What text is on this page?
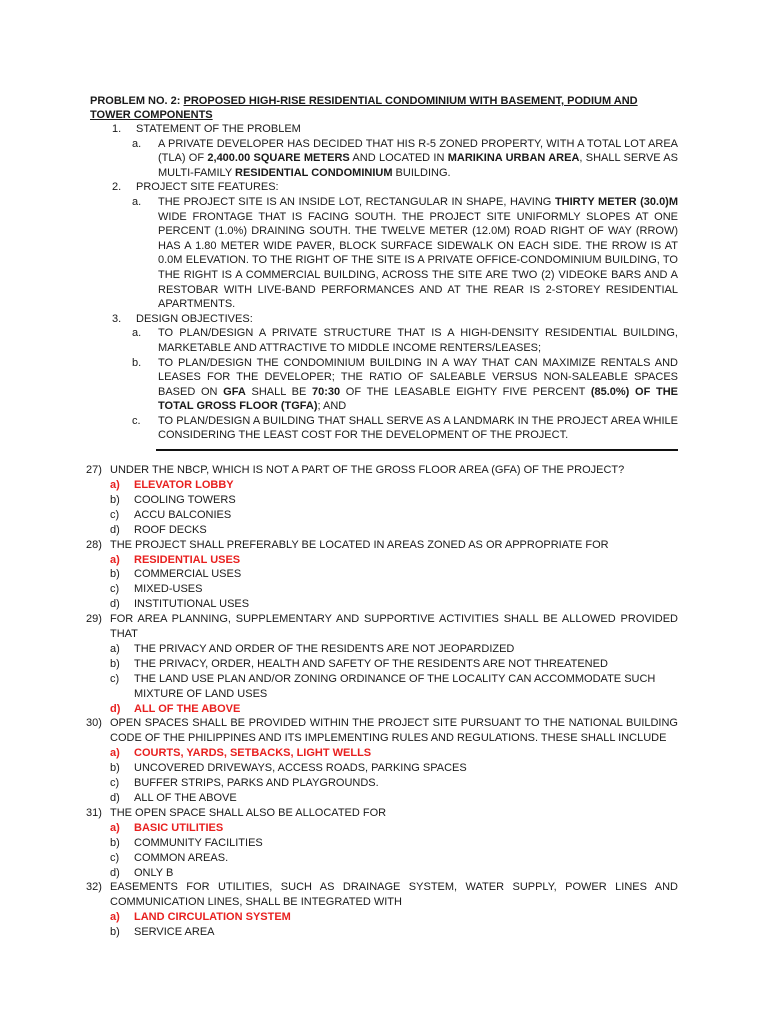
PROBLEM NO. 2: PROPOSED HIGH-RISE RESIDENTIAL CONDOMINIUM WITH BASEMENT, PODIUM AND TOWER COMPONENTS
1.	STATEMENT OF THE PROBLEM
a. A PRIVATE DEVELOPER HAS DECIDED THAT HIS R-5 ZONED PROPERTY, WITH A TOTAL LOT AREA (TLA) OF 2,400.00 SQUARE METERS AND LOCATED IN MARIKINA URBAN AREA, SHALL SERVE AS MULTI-FAMILY RESIDENTIAL CONDOMINIUM BUILDING.
2.	PROJECT SITE FEATURES:
a. THE PROJECT SITE IS AN INSIDE LOT, RECTANGULAR IN SHAPE, HAVING THIRTY METER (30.0)M WIDE FRONTAGE THAT IS FACING SOUTH. THE PROJECT SITE UNIFORMLY SLOPES AT ONE PERCENT (1.0%) DRAINING SOUTH. THE TWELVE METER (12.0M) ROAD RIGHT OF WAY (RROW) HAS A 1.80 METER WIDE PAVER, BLOCK SURFACE SIDEWALK ON EACH SIDE. THE RROW IS AT 0.0M ELEVATION. TO THE RIGHT OF THE SITE IS A PRIVATE OFFICE-CONDOMINIUM BUILDING, TO THE RIGHT IS A COMMERCIAL BUILDING, ACROSS THE SITE ARE TWO (2) VIDEOKE BARS AND A RESTOBAR WITH LIVE-BAND PERFORMANCES AND AT THE REAR IS 2-STOREY RESIDENTIAL APARTMENTS.
3.	DESIGN OBJECTIVES:
a. TO PLAN/DESIGN A PRIVATE STRUCTURE THAT IS A HIGH-DENSITY RESIDENTIAL BUILDING, MARKETABLE AND ATTRACTIVE TO MIDDLE INCOME RENTERS/LEASES;
b. TO PLAN/DESIGN THE CONDOMINIUM BUILDING IN A WAY THAT CAN MAXIMIZE RENTALS AND LEASES FOR THE DEVELOPER; THE RATIO OF SALEABLE VERSUS NON-SALEABLE SPACES BASED ON GFA SHALL BE 70:30 OF THE LEASABLE EIGHTY FIVE PERCENT (85.0%) OF THE TOTAL GROSS FLOOR (TGFA); AND
c. TO PLAN/DESIGN A BUILDING THAT SHALL SERVE AS A LANDMARK IN THE PROJECT AREA WHILE CONSIDERING THE LEAST COST FOR THE DEVELOPMENT OF THE PROJECT.
27) UNDER THE NBCP, WHICH IS NOT A PART OF THE GROSS FLOOR AREA (GFA) OF THE PROJECT?
a) ELEVATOR LOBBY
b) COOLING TOWERS
c) ACCU BALCONIES
d) ROOF DECKS
28) THE PROJECT SHALL PREFERABLY BE LOCATED IN AREAS ZONED AS OR APPROPRIATE FOR
a) RESIDENTIAL USES
b) COMMERCIAL USES
c) MIXED-USES
d) INSTITUTIONAL USES
29) FOR AREA PLANNING, SUPPLEMENTARY AND SUPPORTIVE ACTIVITIES SHALL BE ALLOWED PROVIDED THAT
a) THE PRIVACY AND ORDER OF THE RESIDENTS ARE NOT JEOPARDIZED
b) THE PRIVACY, ORDER, HEALTH AND SAFETY OF THE RESIDENTS ARE NOT THREATENED
c) THE LAND USE PLAN AND/OR ZONING ORDINANCE OF THE LOCALITY CAN ACCOMMODATE SUCH MIXTURE OF LAND USES
d) ALL OF THE ABOVE
30) OPEN SPACES SHALL BE PROVIDED WITHIN THE PROJECT SITE PURSUANT TO THE NATIONAL BUILDING CODE OF THE PHILIPPINES AND ITS IMPLEMENTING RULES AND REGULATIONS. THESE SHALL INCLUDE
a) COURTS, YARDS, SETBACKS, LIGHT WELLS
b) UNCOVERED DRIVEWAYS, ACCESS ROADS, PARKING SPACES
c) BUFFER STRIPS, PARKS AND PLAYGROUNDS.
d) ALL OF THE ABOVE
31) THE OPEN SPACE SHALL ALSO BE ALLOCATED FOR
a) BASIC UTILITIES
b) COMMUNITY FACILITIES
c) COMMON AREAS.
d) ONLY B
32) EASEMENTS FOR UTILITIES, SUCH AS DRAINAGE SYSTEM, WATER SUPPLY, POWER LINES AND COMMUNICATION LINES, SHALL BE INTEGRATED WITH
a) LAND CIRCULATION SYSTEM
b) SERVICE AREA
